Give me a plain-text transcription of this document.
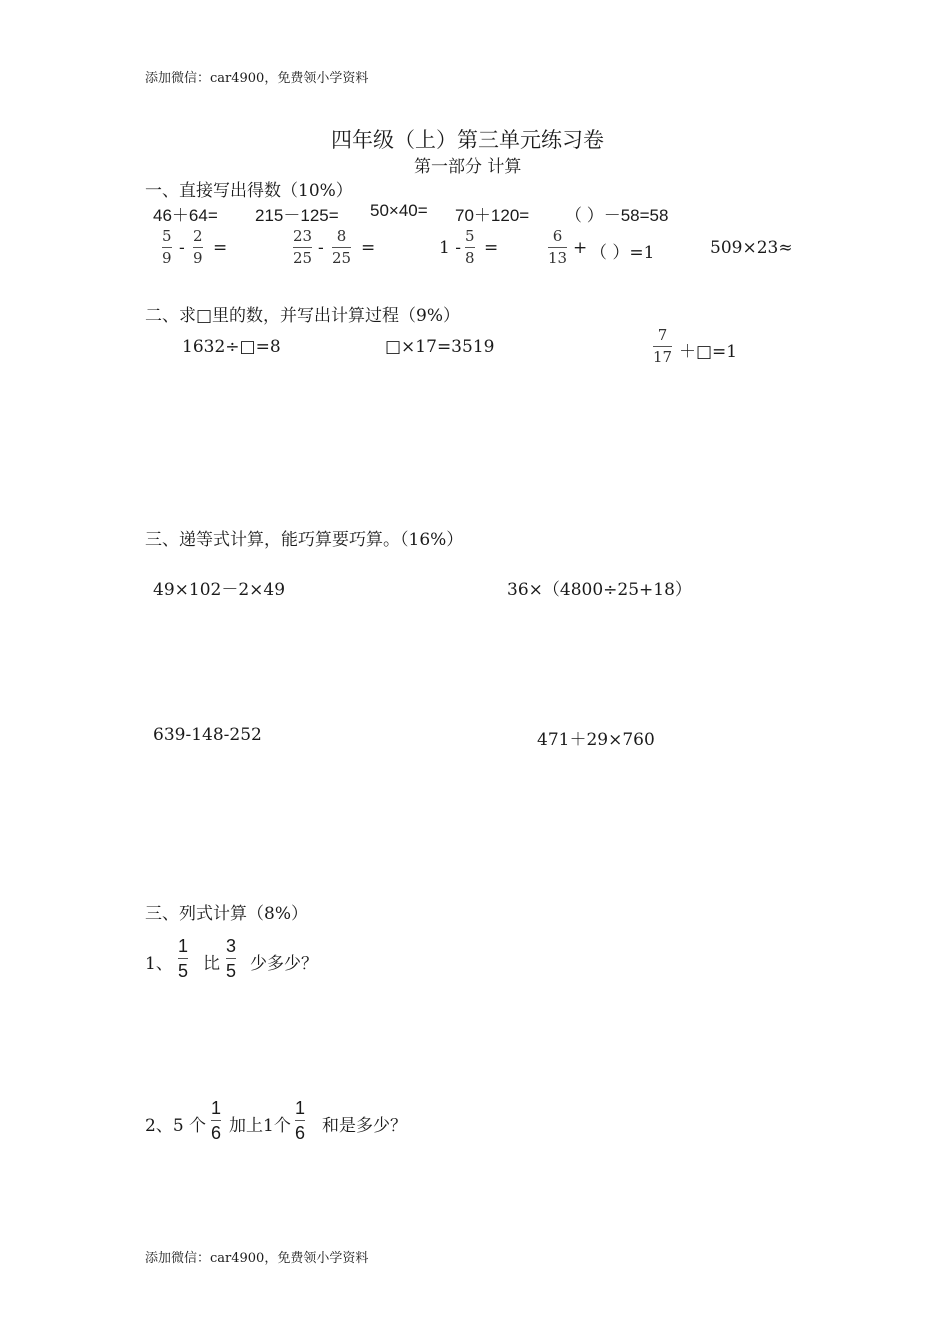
添加微信：car4900，免费领小学资料
四年级（上）第三单元练习卷
第一部分 计算
一、直接写出得数（10%）
46＋64= 215－125= 50×40= 70＋120= （ ）－58=58
5
9 -
2
9 =
23
25 -
8
25 =	1 -
5
8 =
6
13 + （ ）=1	509×23≈
二、求□里的数，并写出计算过程（9%）
1632÷□=8	□×17=3519
7
17 ＋□=1
三、递等式计算，能巧算要巧算。（16%）
49×102－2×49	36×（4800÷25+18）
639-148-252	471＋29×760
三、列式计算（8%）
1、
1
5 比
3
5 少多少？
2、5 个
1
6 加上1个
1
6 和是多少？
添加微信：car4900，免费领小学资料
